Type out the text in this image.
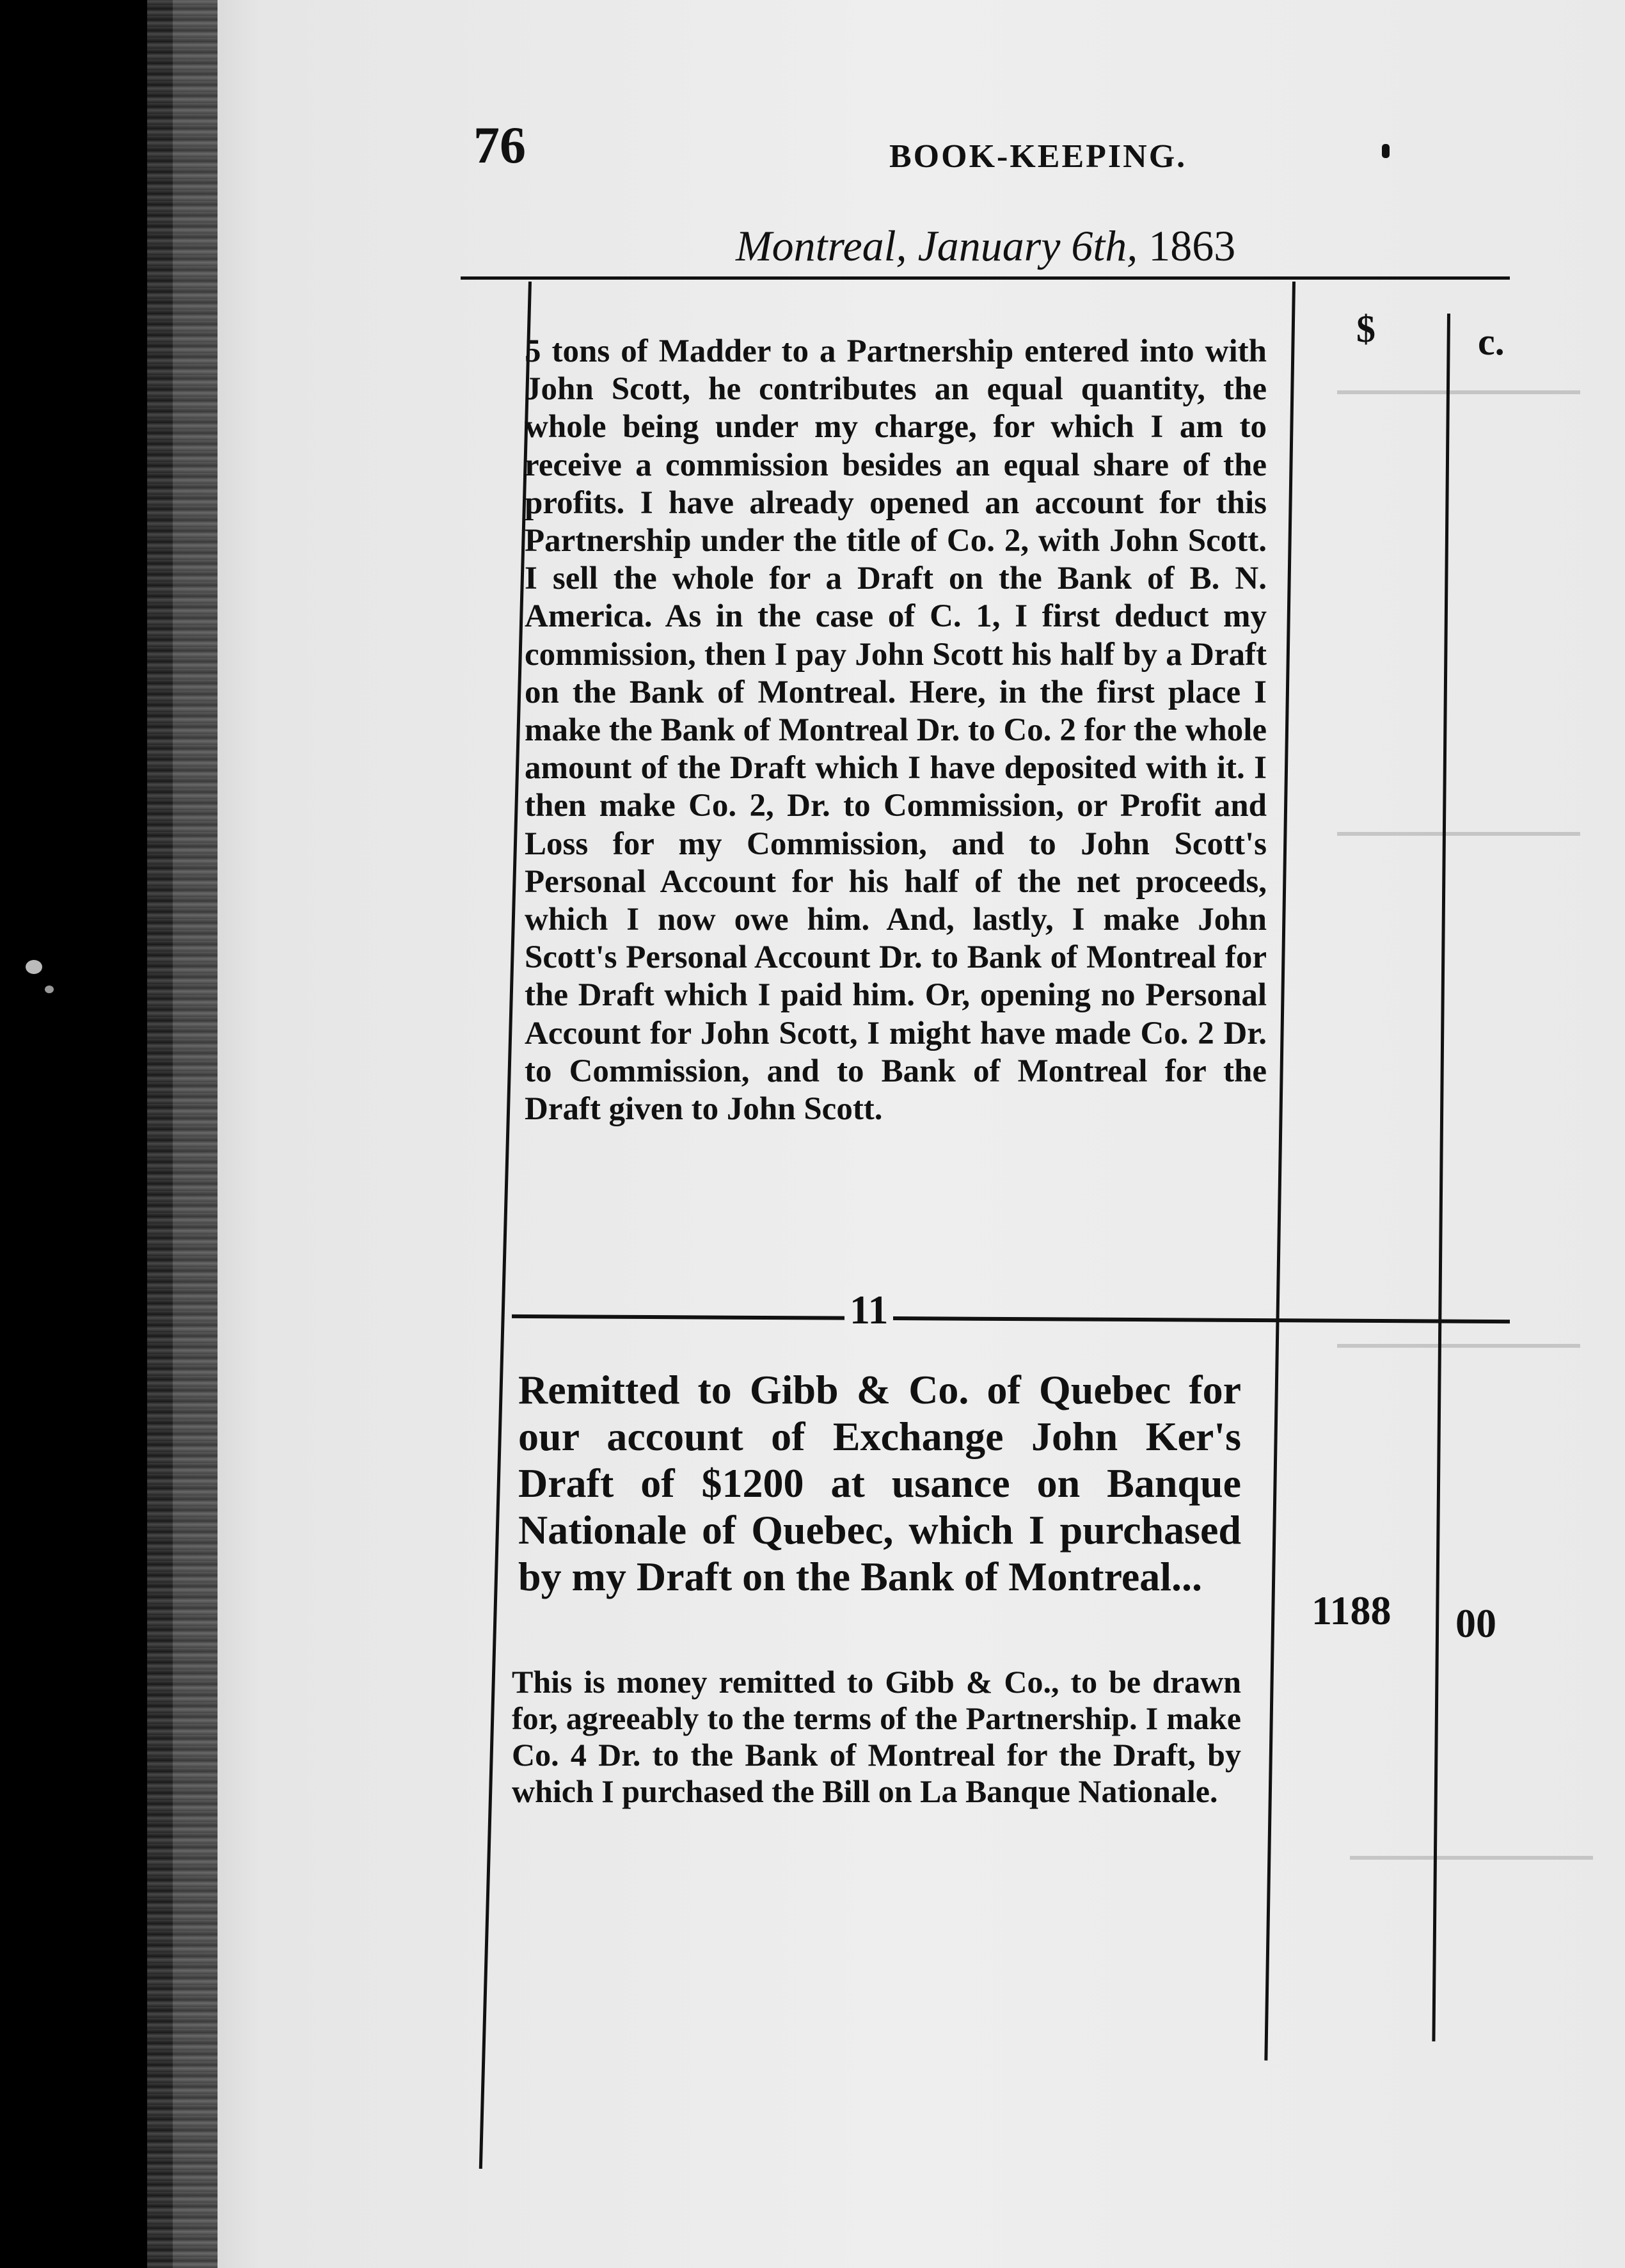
76	BOOK-KEEPING.
Montreal, January 6th, 1863
$	c.

5 tons of Madder to a Partnership entered into with John Scott, he contributes an equal quantity, the whole being under my charge, for which I am to receive a commission besides an equal share of the profits. I have already opened an account for this Partnership under the title of Co. 2, with John Scott. I sell the whole for a Draft on the Bank of B. N. America. As in the case of C. 1, I first deduct my commission, then I pay John Scott his half by a Draft on the Bank of Montreal. Here, in the first place I make the Bank of Montreal Dr. to Co. 2 for the whole amount of the Draft which I have deposited with it. I then make Co. 2, Dr. to Commission, or Profit and Loss for my Commission, and to John Scott's Personal Account for his half of the net proceeds, which I now owe him. And, lastly, I make John Scott's Personal Account Dr. to Bank of Montreal for the Draft which I paid him. Or, opening no Personal Account for John Scott, I might have made Co. 2 Dr. to Commission, and to Bank of Montreal for the Draft given to John Scott.

11

Remitted to Gibb & Co. of Quebec for our account of Exchange John Ker's Draft of $1200 at usance on Banque Nationale of Quebec, which I purchased by my Draft on the Bank of Montreal...

1188 00

This is money remitted to Gibb & Co., to be drawn for, agreeably to the terms of the Partnership. I make Co. 4 Dr. to the Bank of Montreal for the Draft, by which I purchased the Bill on La Banque Nationale.
